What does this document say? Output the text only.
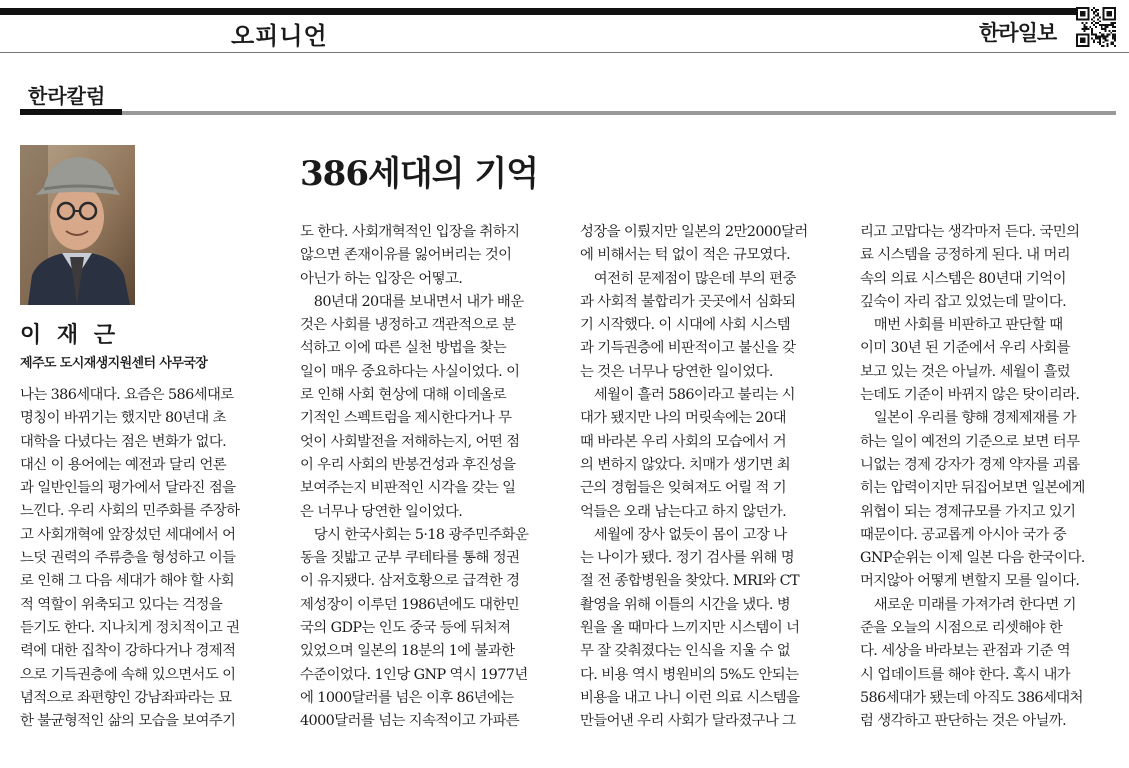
오피니언	한라일보
한라칼럼
이 재 근
제주도 도시재생지원센터 사무국장
386세대의 기억
나는 386세대다. 요즘은 586세대로
명칭이 바뀌기는 했지만 80년대 초
대학을 다녔다는 점은 변화가 없다.
대신 이 용어에는 예전과 달리 언론
과 일반인들의 평가에서 달라진 점을
느낀다. 우리 사회의 민주화를 주장하
고 사회개혁에 앞장섰던 세대에서 어
느덧 권력의 주류층을 형성하고 이들
로 인해 그 다음 세대가 해야 할 사회
적 역할이 위축되고 있다는 걱정을
듣기도 한다. 지나치게 정치적이고 권
력에 대한 집착이 강하다거나 경제적
으로 기득권층에 속해 있으면서도 이
념적으로 좌편향인 강남좌파라는 묘
한 불균형적인 삶의 모습을 보여주기
도 한다. 사회개혁적인 입장을 취하지
않으면 존재이유를 잃어버리는 것이
아닌가 하는 입장은 어떻고.
　80년대 20대를 보내면서 내가 배운
것은 사회를 냉정하고 객관적으로 분
석하고 이에 따른 실천 방법을 찾는
일이 매우 중요하다는 사실이었다. 이
로 인해 사회 현상에 대해 이데올로
기적인 스펙트럼을 제시한다거나 무
엇이 사회발전을 저해하는지, 어떤 점
이 우리 사회의 반봉건성과 후진성을
보여주는지 비판적인 시각을 갖는 일
은 너무나 당연한 일이었다.
　당시 한국사회는 5·18 광주민주화운
동을 짓밟고 군부 쿠테타를 통해 정권
이 유지됐다. 삼저호황으로 급격한 경
제성장이 이루던 1986년에도 대한민
국의 GDP는 인도 중국 등에 뒤처져
있었으며 일본의 18분의 1에 불과한
수준이었다. 1인당 GNP 역시 1977년
에 1000달러를 넘은 이후 86년에는
4000달러를 넘는 지속적이고 가파른
성장을 이뤘지만 일본의 2만2000달러
에 비해서는 턱 없이 적은 규모였다.
　여전히 문제점이 많은데 부의 편중
과 사회적 불합리가 곳곳에서 심화되
기 시작했다. 이 시대에 사회 시스템
과 기득권층에 비판적이고 불신을 갖
는 것은 너무나 당연한 일이었다.
　세월이 흘러 586이라고 불리는 시
대가 됐지만 나의 머릿속에는 20대
때 바라본 우리 사회의 모습에서 거
의 변하지 않았다. 치매가 생기면 최
근의 경험들은 잊혀져도 어릴 적 기
억들은 오래 남는다고 하지 않던가.
　세월에 장사 없듯이 몸이 고장 나
는 나이가 됐다. 정기 검사를 위해 명
절 전 종합병원을 찾았다. MRI와 CT
촬영을 위해 이틀의 시간을 냈다. 병
원을 올 때마다 느끼지만 시스템이 너
무 잘 갖춰졌다는 인식을 지울 수 없
다. 비용 역시 병원비의 5%도 안되는
비용을 내고 나니 이런 의료 시스템을
만들어낸 우리 사회가 달라졌구나 그
리고 고맙다는 생각마저 든다. 국민의
료 시스템을 긍정하게 된다. 내 머리
속의 의료 시스템은 80년대 기억이
깊숙이 자리 잡고 있었는데 말이다.
　매번 사회를 비판하고 판단할 때
이미 30년 된 기준에서 우리 사회를
보고 있는 것은 아닐까. 세월이 흘렀
는데도 기준이 바뀌지 않은 탓이리라.
　일본이 우리를 향해 경제제재를 가
하는 일이 예전의 기준으로 보면 터무
니없는 경제 강자가 경제 약자를 괴롭
히는 압력이지만 뒤집어보면 일본에게
위협이 되는 경제규모를 가지고 있기
때문이다. 공교롭게 아시아 국가 중
GNP순위는 이제 일본 다음 한국이다.
머지않아 어떻게 변할지 모를 일이다.
　새로운 미래를 가져가려 한다면 기
준을 오늘의 시점으로 리셋해야 한
다. 세상을 바라보는 관점과 기준 역
시 업데이트를 해야 한다. 혹시 내가
586세대가 됐는데 아직도 386세대처
럼 생각하고 판단하는 것은 아닐까.
